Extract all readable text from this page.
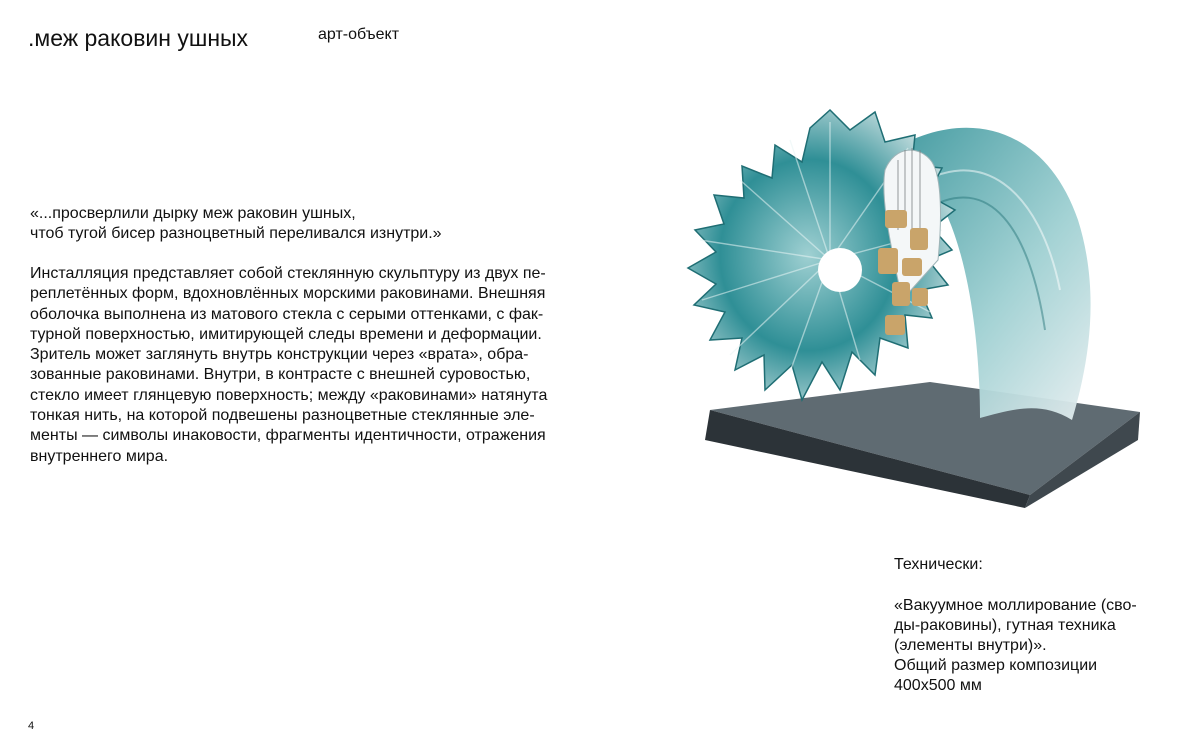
.меж раковин ушных	арт-объект
«...просверлили дырку меж раковин ушных,
чтоб тугой бисер разноцветный переливался изнутри.»
Инсталляция представляет собой стеклянную скульптуру из двух пе-
реплетённых форм, вдохновлённых морскими раковинами. Внешняя
оболочка выполнена из матового стекла с серыми оттенками, с фак-
турной поверхностью, имитирующей следы времени и деформации.
Зритель может заглянуть внутрь конструкции через «врата», обра-
зованные раковинами. Внутри, в контрасте с внешней суровостью,
стекло имеет глянцевую поверхность; между «раковинами» натянута
тонкая нить, на которой подвешены разноцветные стеклянные эле-
менты — символы инаковости, фрагменты идентичности, отражения
внутреннего мира.
Технически:
«Вакуумное моллирование (сво-
ды-раковины), гутная техника
(элементы внутри)».
Общий размер композиции
400х500 мм
4
